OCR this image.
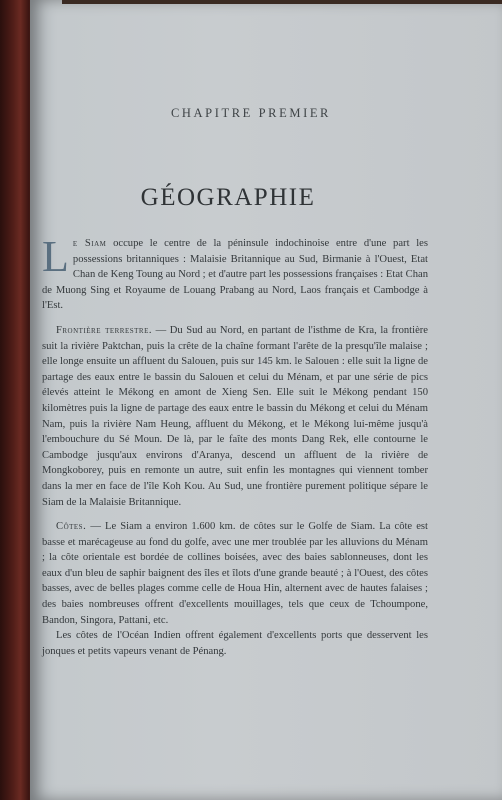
CHAPITRE PREMIER
GÉOGRAPHIE

Le Siam occupe le centre de la péninsule indochinoise entre d'une part les possessions britanniques : Malaisie Britannique au Sud, Birmanie à l'Ouest, Etat Chan de Keng Toung au Nord ; et d'autre part les possessions françaises : Etat Chan de Muong Sing et Royaume de Louang Prabang au Nord, Laos français et Cambodge à l'Est.

Frontière terrestre. — Du Sud au Nord, en partant de l'isthme de Kra, la frontière suit la rivière Paktchan, puis la crête de la chaîne formant l'arête de la presqu'île malaise ; elle longe ensuite un affluent du Salouen, puis sur 145 km. le Salouen : elle suit la ligne de partage des eaux entre le bassin du Salouen et celui du Ménam, et par une série de pics élevés atteint le Mékong en amont de Xieng Sen. Elle suit le Mékong pendant 150 kilomètres puis la ligne de partage des eaux entre le bassin du Mékong et celui du Ménam Nam, puis la rivière Nam Heung, affluent du Mékong, et le Mékong lui-même jusqu'à l'embouchure du Sé Moun. De là, par le faîte des monts Dang Rek, elle contourne le Cambodge jusqu'aux environs d'Aranya, descend un affluent de la rivière de Mongkoborey, puis en remonte un autre, suit enfin les montagnes qui viennent tomber dans la mer en face de l'île Koh Kou. Au Sud, une frontière purement politique sépare le Siam de la Malaisie Britannique.

Côtes. — Le Siam a environ 1.600 km. de côtes sur le Golfe de Siam. La côte est basse et marécageuse au fond du golfe, avec une mer troublée par les alluvions du Ménam ; la côte orientale est bordée de collines boisées, avec des baies sablonneuses, dont les eaux d'un bleu de saphir baignent des îles et îlots d'une grande beauté ; à l'Ouest, des côtes basses, avec de belles plages comme celle de Houa Hin, alternent avec de hautes falaises ; des baies nombreuses offrent d'excellents mouillages, tels que ceux de Tchoumpone, Bandon, Singora, Pattani, etc.

Les côtes de l'Océan Indien offrent également d'excellents ports que desservent les jonques et petits vapeurs venant de Pénang.
